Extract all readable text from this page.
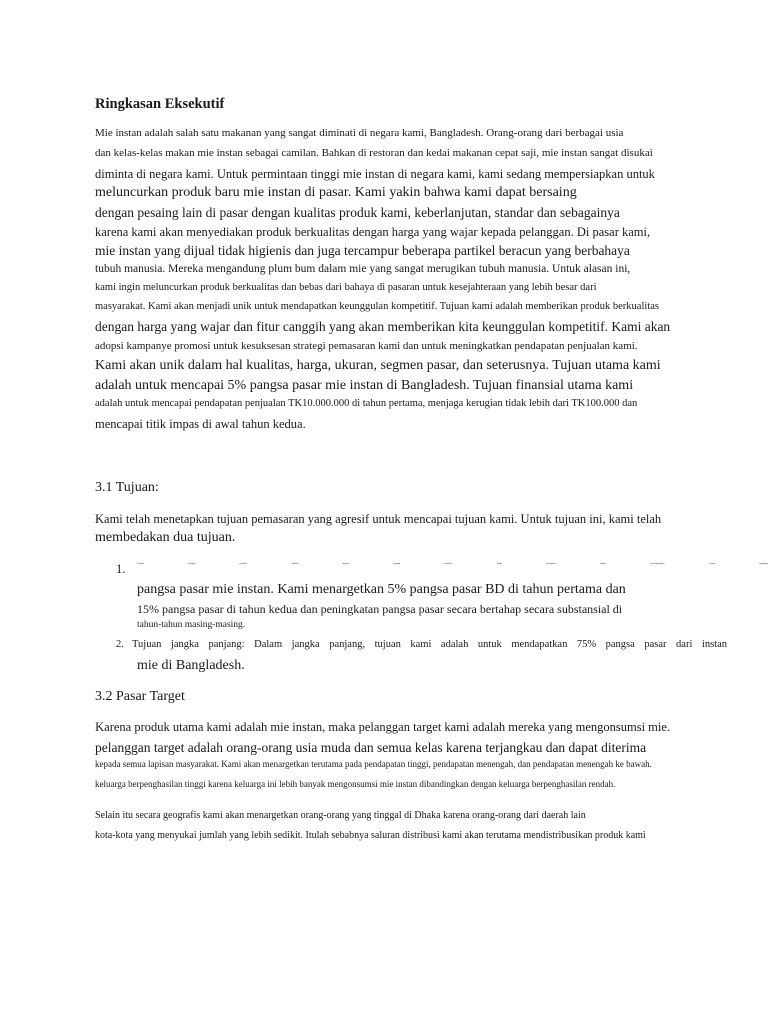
Ringkasan Eksekutif
Mie instan adalah salah satu makanan yang sangat diminati di negara kami, Bangladesh. Orang-orang dari berbagai usia
dan kelas-kelas makan mie instan sebagai camilan. Bahkan di restoran dan kedai makanan cepat saji, mie instan sangat disukai
diminta di negara kami. Untuk permintaan tinggi mie instan di negara kami, kami sedang mempersiapkan untuk
meluncurkan produk baru mie instan di pasar. Kami yakin bahwa kami dapat bersaing
dengan pesaing lain di pasar dengan kualitas produk kami, keberlanjutan, standar dan sebagainya
karena kami akan menyediakan produk berkualitas dengan harga yang wajar kepada pelanggan. Di pasar kami,
mie instan yang dijual tidak higienis dan juga tercampur beberapa partikel beracun yang berbahaya
tubuh manusia. Mereka mengandung plum bum dalam mie yang sangat merugikan tubuh manusia. Untuk alasan ini,
kami ingin meluncurkan produk berkualitas dan bebas dari bahaya di pasaran untuk kesejahteraan yang lebih besar dari
masyarakat. Kami akan menjadi unik untuk mendapatkan keunggulan kompetitif. Tujuan kami adalah memberikan produk berkualitas
dengan harga yang wajar dan fitur canggih yang akan memberikan kita keunggulan kompetitif. Kami akan
adopsi kampanye promosi untuk kesuksesan strategi pemasaran kami dan untuk meningkatkan pendapatan penjualan kami.
Kami akan unik dalam hal kualitas, harga, ukuran, segmen pasar, dan seterusnya. Tujuan utama kami
adalah untuk mencapai 5% pangsa pasar mie instan di Bangladesh. Tujuan finansial utama kami
adalah untuk mencapai pendapatan penjualan TK10.000.000 di tahun pertama, menjaga kerugian tidak lebih dari TK100.000 dan
mencapai titik impas di awal tahun kedua.
3.1 Tujuan:
Kami telah menetapkan tujuan pemasaran yang agresif untuk mencapai tujuan kami. Untuk tujuan ini, kami telah
membedakan dua tujuan.
1.	Tujuan jangka pendek: Dalam tujuan jangka pendek, kami bertujuan untuk meningkatkan secara bertahap
pangsa pasar mie instan. Kami menargetkan 5% pangsa pasar BD di tahun pertama dan
15% pangsa pasar di tahun kedua dan peningkatan pangsa pasar secara bertahap secara substansial di
tahun-tahun masing-masing.
2. Tujuan jangka panjang: Dalam jangka panjang, tujuan kami adalah untuk mendapatkan 75% pangsa pasar dari instan
mie di Bangladesh.
3.2 Pasar Target
Karena produk utama kami adalah mie instan, maka pelanggan target kami adalah mereka yang mengonsumsi mie.
pelanggan target adalah orang-orang usia muda dan semua kelas karena terjangkau dan dapat diterima
kepada semua lapisan masyarakat. Kami akan menargetkan terutama pada pendapatan tinggi, pendapatan menengah, dan pendapatan menengah ke bawah.
keluarga berpenghasilan tinggi karena keluarga ini lebih banyak mengonsumsi mie instan dibandingkan dengan keluarga berpenghasilan rendah.
Selain itu secara geografis kami akan menargetkan orang-orang yang tinggal di Dhaka karena orang-orang dari daerah lain
kota-kota yang menyukai jumlah yang lebih sedikit. Itulah sebabnya saluran distribusi kami akan terutama mendistribusikan produk kami
